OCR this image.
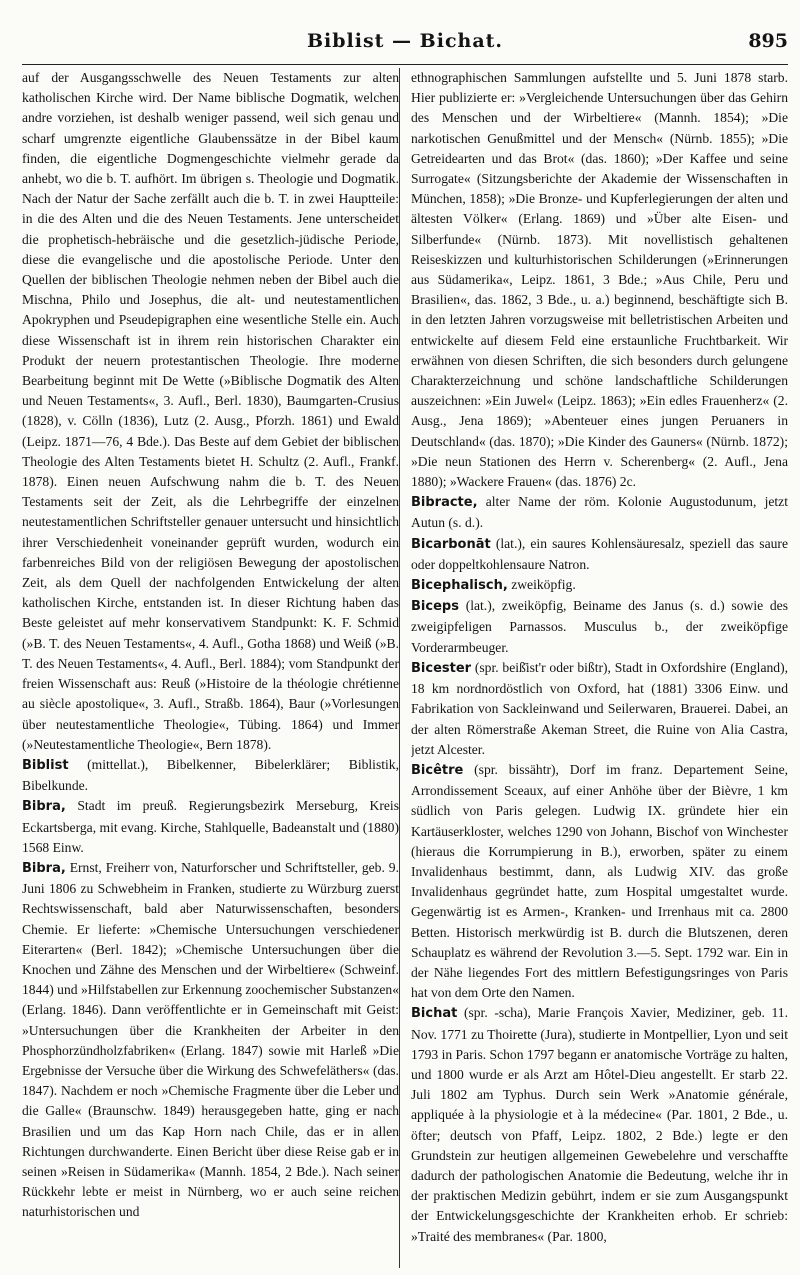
Biblist — Bichat.	895

auf der Ausgangsschwelle des Neuen Testaments zur alten katholischen Kirche wird. Der Name biblische Dogmatik, welchen andre vorziehen, ist deshalb weniger passend, weil sich genau und scharf umgrenzte eigentliche Glaubenssätze in der Bibel kaum finden, die eigentliche Dogmengeschichte vielmehr gerade da anhebt, wo die b. T. aufhört. Im übrigen s. Theologie und Dogmatik. Nach der Natur der Sache zerfällt auch die b. T. in zwei Hauptteile: in die des Alten und die des Neuen Testaments. Jene unterscheidet die prophetisch-hebräische und die gesetzlich-jüdische Periode, diese die evangelische und die apostolische Periode. Unter den Quellen der biblischen Theologie nehmen neben der Bibel auch die Mischna, Philo und Josephus, die alt- und neutestamentlichen Apokryphen und Pseudepigraphen eine wesentliche Stelle ein. Auch diese Wissenschaft ist in ihrem rein historischen Charakter ein Produkt der neuern protestantischen Theologie. Ihre moderne Bearbeitung beginnt mit De Wette (»Biblische Dogmatik des Alten und Neuen Testaments«, 3. Aufl., Berl. 1830), Baumgarten-Crusius (1828), v. Cölln (1836), Lutz (2. Ausg., Pforzh. 1861) und Ewald (Leipz. 1871—76, 4 Bde.). Das Beste auf dem Gebiet der biblischen Theologie des Alten Testaments bietet H. Schultz (2. Aufl., Frankf. 1878). Einen neuen Aufschwung nahm die b. T. des Neuen Testaments seit der Zeit, als die Lehrbegriffe der einzelnen neutestamentlichen Schriftsteller genauer untersucht und hinsichtlich ihrer Verschiedenheit voneinander geprüft wurden, wodurch ein farbenreiches Bild von der religiösen Bewegung der apostolischen Zeit, als dem Quell der nachfolgenden Entwickelung der alten katholischen Kirche, entstanden ist. In dieser Richtung haben das Beste geleistet auf mehr konservativem Standpunkt: K. F. Schmid (»B. T. des Neuen Testaments«, 4. Aufl., Gotha 1868) und Weiß (»B. T. des Neuen Testaments«, 4. Aufl., Berl. 1884); vom Standpunkt der freien Wissenschaft aus: Reuß (»Histoire de la théologie chrétienne au siècle apostolique«, 3. Aufl., Straßb. 1864), Baur (»Vorlesungen über neutestamentliche Theologie«, Tübing. 1864) und Immer (»Neutestamentliche Theologie«, Bern 1878).

Biblist (mittellat.), Bibelkenner, Bibelerklärer; Biblistik, Bibelkunde.

Bibra, Stadt im preuß. Regierungsbezirk Merseburg, Kreis Eckartsberga, mit evang. Kirche, Stahlquelle, Badeanstalt und (1880) 1568 Einw.

Bibra, Ernst, Freiherr von, Naturforscher und Schriftsteller, geb. 9. Juni 1806 zu Schwebheim in Franken, studierte zu Würzburg zuerst Rechtswissenschaft, bald aber Naturwissenschaften, besonders Chemie. Er lieferte: »Chemische Untersuchungen verschiedener Eiterarten« (Berl. 1842); »Chemische Untersuchungen über die Knochen und Zähne des Menschen und der Wirbeltiere« (Schweinf. 1844) und »Hilfstabellen zur Erkennung zoochemischer Substanzen« (Erlang. 1846). Dann veröffentlichte er in Gemeinschaft mit Geist: »Untersuchungen über die Krankheiten der Arbeiter in den Phosphorzündholzfabriken« (Erlang. 1847) sowie mit Harleß »Die Ergebnisse der Versuche über die Wirkung des Schwefeläthers« (das. 1847). Nachdem er noch »Chemische Fragmente über die Leber und die Galle« (Braunschw. 1849) herausgegeben hatte, ging er nach Brasilien und um das Kap Horn nach Chile, das er in allen Richtungen durchwanderte. Einen Bericht über diese Reise gab er in seinen »Reisen in Südamerika« (Mannh. 1854, 2 Bde.). Nach seiner Rückkehr lebte er meist in Nürnberg, wo er auch seine reichen naturhistorischen und

ethnographischen Sammlungen aufstellte und 5. Juni 1878 starb. Hier publizierte er: »Vergleichende Untersuchungen über das Gehirn des Menschen und der Wirbeltiere« (Mannh. 1854); »Die narkotischen Genußmittel und der Mensch« (Nürnb. 1855); »Die Getreidearten und das Brot« (das. 1860); »Der Kaffee und seine Surrogate« (Sitzungsberichte der Akademie der Wissenschaften in München, 1858); »Die Bronze- und Kupferlegierungen der alten und ältesten Völker« (Erlang. 1869) und »Über alte Eisen- und Silberfunde« (Nürnb. 1873). Mit novellistisch gehaltenen Reiseskizzen und kulturhistorischen Schilderungen (»Erinnerungen aus Südamerika«, Leipz. 1861, 3 Bde.; »Aus Chile, Peru und Brasilien«, das. 1862, 3 Bde., u. a.) beginnend, beschäftigte sich B. in den letzten Jahren vorzugsweise mit belletristischen Arbeiten und entwickelte auf diesem Feld eine erstaunliche Fruchtbarkeit. Wir erwähnen von diesen Schriften, die sich besonders durch gelungene Charakterzeichnung und schöne landschaftliche Schilderungen auszeichnen: »Ein Juwel« (Leipz. 1863); »Ein edles Frauenherz« (2. Ausg., Jena 1869); »Abenteuer eines jungen Peruaners in Deutschland« (das. 1870); »Die Kinder des Gauners« (Nürnb. 1872); »Die neun Stationen des Herrn v. Scherenberg« (2. Aufl., Jena 1880); »Wackere Frauen« (das. 1876) 2c.

Bibracte, alter Name der röm. Kolonie Augustodunum, jetzt Autun (s. d.).

Bicarbonāt (lat.), ein saures Kohlensäuresalz, speziell das saure oder doppeltkohlensaure Natron.

Bicephalisch, zweiköpfig.

Biceps (lat.), zweiköpfig, Beiname des Janus (s. d.) sowie des zweigipfeligen Parnassos. Musculus b., der zweiköpfige Vorderarmbeuger.

Bicester (spr. beiß̄ist'r oder bißtr), Stadt in Oxfordshire (England), 18 km nordnordöstlich von Oxford, hat (1881) 3306 Einw. und Fabrikation von Sackleinwand und Seilerwaren, Brauerei. Dabei, an der alten Römerstraße Akeman Street, die Ruine von Alia Castra, jetzt Alcester.

Bicêtre (spr. bissähtr), Dorf im franz. Departement Seine, Arrondissement Sceaux, auf einer Anhöhe über der Bièvre, 1 km südlich von Paris gelegen. Ludwig IX. gründete hier ein Kartäuserkloster, welches 1290 von Johann, Bischof von Winchester (hieraus die Korrumpierung in B.), erworben, später zu einem Invalidenhaus bestimmt, dann, als Ludwig XIV. das große Invalidenhaus gegründet hatte, zum Hospital umgestaltet wurde. Gegenwärtig ist es Armen-, Kranken- und Irrenhaus mit ca. 2800 Betten. Historisch merkwürdig ist B. durch die Blutszenen, deren Schauplatz es während der Revolution 3.—5. Sept. 1792 war. Ein in der Nähe liegendes Fort des mittlern Befestigungsringes von Paris hat von dem Orte den Namen.

Bichat (spr. -scha), Marie François Xavier, Mediziner, geb. 11. Nov. 1771 zu Thoirette (Jura), studierte in Montpellier, Lyon und seit 1793 in Paris. Schon 1797 begann er anatomische Vorträge zu halten, und 1800 wurde er als Arzt am Hôtel-Dieu angestellt. Er starb 22. Juli 1802 am Typhus. Durch sein Werk »Anatomie générale, appliquée à la physiologie et à la médecine« (Par. 1801, 2 Bde., u. öfter; deutsch von Pfaff, Leipz. 1802, 2 Bde.) legte er den Grundstein zur heutigen allgemeinen Gewebelehre und verschaffte dadurch der pathologischen Anatomie die Bedeutung, welche ihr in der praktischen Medizin gebührt, indem er sie zum Ausgangspunkt der Entwickelungsgeschichte der Krankheiten erhob. Er schrieb: »Traité des membranes« (Par. 1800,
